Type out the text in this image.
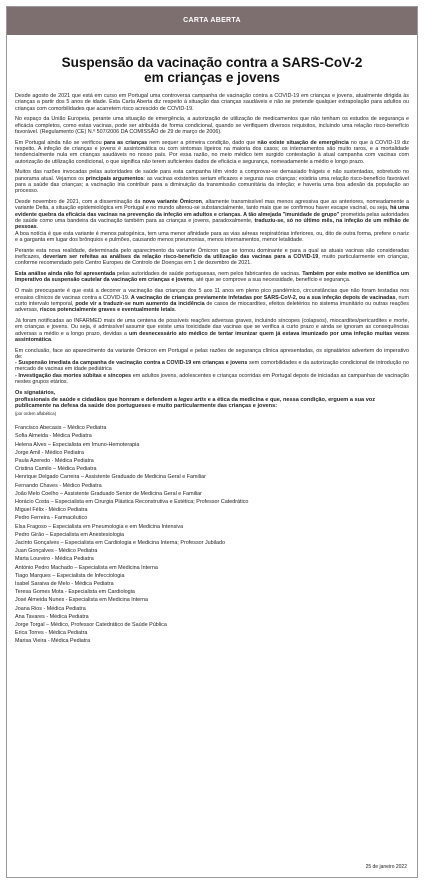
CARTA ABERTA
Suspensão da vacinação contra a SARS-CoV-2
em crianças e jovens

Desde agosto de 2021 que está em curso em Portugal uma controversa campanha de vacinação contra a COVID-19 em crianças e jovens, atualmente dirigida às crianças a partir dos 5 anos de idade. Esta Carta Aberta diz respeito à situação das crianças saudáveis e não se pretende qualquer extrapolação para adultos ou crianças com comorbilidades que acarretem risco acrescido de COVID-19.

No espaço da União Europeia, perante uma situação de emergência, a autorização de utilização de medicamentos que não tenham os estudos de segurança e eficácia completos, como estas vacinas, pode ser atribuída de forma condicional, quando se verifiquem diversos requisitos, incluindo uma relação risco-benefício favorável. (Regulamento (CE) N.º 507/2006 DA COMISSÃO de 29 de março de 2006).

Em Portugal ainda não se verificou para as crianças nem sequer a primeira condição, dado que não existe situação de emergência no que à COVID-19 diz respeito. A infeção de crianças e jovens é assintomática ou com sintomas ligeiros na maioria dos casos; os internamentos são muito raros, e a mortalidade tendencialmente nula em crianças saudáveis no nosso país. Por essa razão, no meio médico tem surgido contestação à atual campanha com vacinas com autorização de utilização condicional, o que significa não terem suficientes dados de eficácia e segurança, nomeadamente a médio e longo prazo.

Muitos das razões invocadas pelas autoridades de saúde para esta campanha têm vindo a comprovar-se demasiado frágeis e não sustentadas, sobretudo no panorama atual. Vejamos os principais argumentos: as vacinas existentes seriam eficazes e seguras nas crianças; existiria uma relação risco-benefício favorável para a saúde das crianças; a vacinação iria contribuir para a diminuição da transmissão comunitária da infeção; e haveria uma boa adesão da população ao processo.

Desde novembro de 2021, com a disseminação da nova variante Ómicron, altamente transmissível mas menos agressiva que as anteriores, nomeadamente a variante Delta, a situação epidemiológica em Portugal e no mundo alterou-se substancialmente, tanto mais que se confirmou haver escape vacinal, ou seja, há uma evidente quebra da eficácia das vacinas na prevenção da infeção em adultos e crianças. A tão almejada "imunidade de grupo" prometida pelas autoridades de saúde como uma bandeira da vacinação também para as crianças e jovens, paradoxalmente, traduziu-se, só no último mês, na infeção de um milhão de pessoas.

A boa notícia é que esta variante é menos patogénica, tem uma menor afinidade para as vias aéreas respiratórias inferiores, ou, dito de outra forma, prefere o nariz e a garganta em lugar dos brônquios e pulmões, causando menos pneumonias, menos internamentos, menor letalidade.

Perante esta nova realidade, determinada pelo aparecimento da variante Ómicron que se tornou dominante e para a qual as atuais vacinas são consideradas ineficazes, deveriam ser refeitas as análises da relação risco-benefício da utilização das vacinas para a COVID-19, muito particularmente em crianças, conforme recomendado pelo Centro Europeu de Controlo de Doenças em 1 de dezembro de 2021.

Esta análise ainda não foi apresentada pelas autoridades de saúde portuguesas, nem pelos fabricantes de vacinas. Também por este motivo se identifica um imperativo da suspensão cautelar da vacinação em crianças e jovens, até que se comprove a sua necessidade, benefício e segurança.

O mais preocupante é que está a decorrer a vacinação das crianças dos 5 aos 11 anos em pleno pico pandémico, circunstâncias que não foram testadas nos ensaios clínicos de vacinas contra a COVID-19. A vacinação de crianças previamente infetadas por SARS-CoV-2, ou a sua infeção depois de vacinadas, num curto intervalo temporal, pode vir a traduzir-se num aumento da incidência de casos de miocardites, efeitos deletérios no sistema imunitário ou outras reações adversas, riscos potencialmente graves e eventualmente letais.

Já foram notificadas ao INFARMED mais de uma centena de possíveis reações adversas graves, incluindo síncopes (colapsos), miocardites/pericardites e morte, em crianças e jovens. Ou seja, é admissível assumir que existe uma toxicidade das vacinas que se verifica a curto prazo e ainda se ignoram as consequências adversas a médio e a longo prazo, devidas a um desnecessário ato médico de tentar imunizar quem já estava imunizado por uma infeção muitas vezes assintomática.

Em conclusão, face ao aparecimento da variante Ómicron em Portugal e pelas razões de segurança clínica apresentadas, os signatários advertem do imperativo de:
- Suspensão imediata da campanha de vacinação contra a COVID-19 em crianças e jovens sem comorbilidades e da autorização condicional de introdução no mercado de vacinas em idade pediátrica
- Investigação das mortes súbitas e síncopes em adultos jovens, adolescentes e crianças ocorridas em Portugal depois de iniciadas as campanhas de vacinação nestes grupos etários.

Os signatários,
profissionais de saúde e cidadãos que honram e defendem a leges artis e a ética da medicina e que, nessa condição, erguem a sua voz publicamente na defesa da saúde dos portugueses e muito particularmente das crianças e jovens:
(por ordem alfabética)
Francisco Abecasis – Médico Pediatra
Sofia Almeida - Médica Pediatra
Helena Alves – Especialista em Imuno-Hemoterapia
Jorge Amil - Médico Pediatra
Paula Azeredo - Médica Pediatra
Cristina Camilo – Médica Pediatra
Henrique Delgado Carreira – Assistente Graduado de Medicina Geral e Familiar
Fernando Chaves - Médico Pediatra
João Melo Coelho – Assistente Graduado Senior de Medicina Geral e Familiar
Horácio Costa – Especialista em Cirurgia Plástica Reconstrutiva e Estética; Professor Catedrático
Miguel Félix - Médico Pediatra
Pedro Ferreira - Farmacêutico
Elsa Fragoso – Especialista em Pneumologia e em Medicina Intensiva
Pedro Girão – Especialista em Anestesiologia
Jacinto Gonçalves – Especialista em Cardiologia e Medicina Interna; Professor Jubilado
Juan Gonçalves - Médico Pediatra
Marta Loureiro - Médica Pediatra
António Pedro Machado – Especialista em Medicina Interna
Tiago Marques – Especialista de Infecciologia
Isabel Saraiva de Melo - Médica Pediatra
Teresa Gomes Mota - Especialista em Cardiologia
José Almeida Nunes - Especialista em Medicina Interna
Joana Rios - Médica Pediatra
Ana Tavares - Médica Pediatra
Jorge Torgal – Médico, Professor Catedrático de Saúde Pública
Erica Torres - Médica Pediatra
Marisa Vieira - Médica Pediatra
25 de janeiro 2022
